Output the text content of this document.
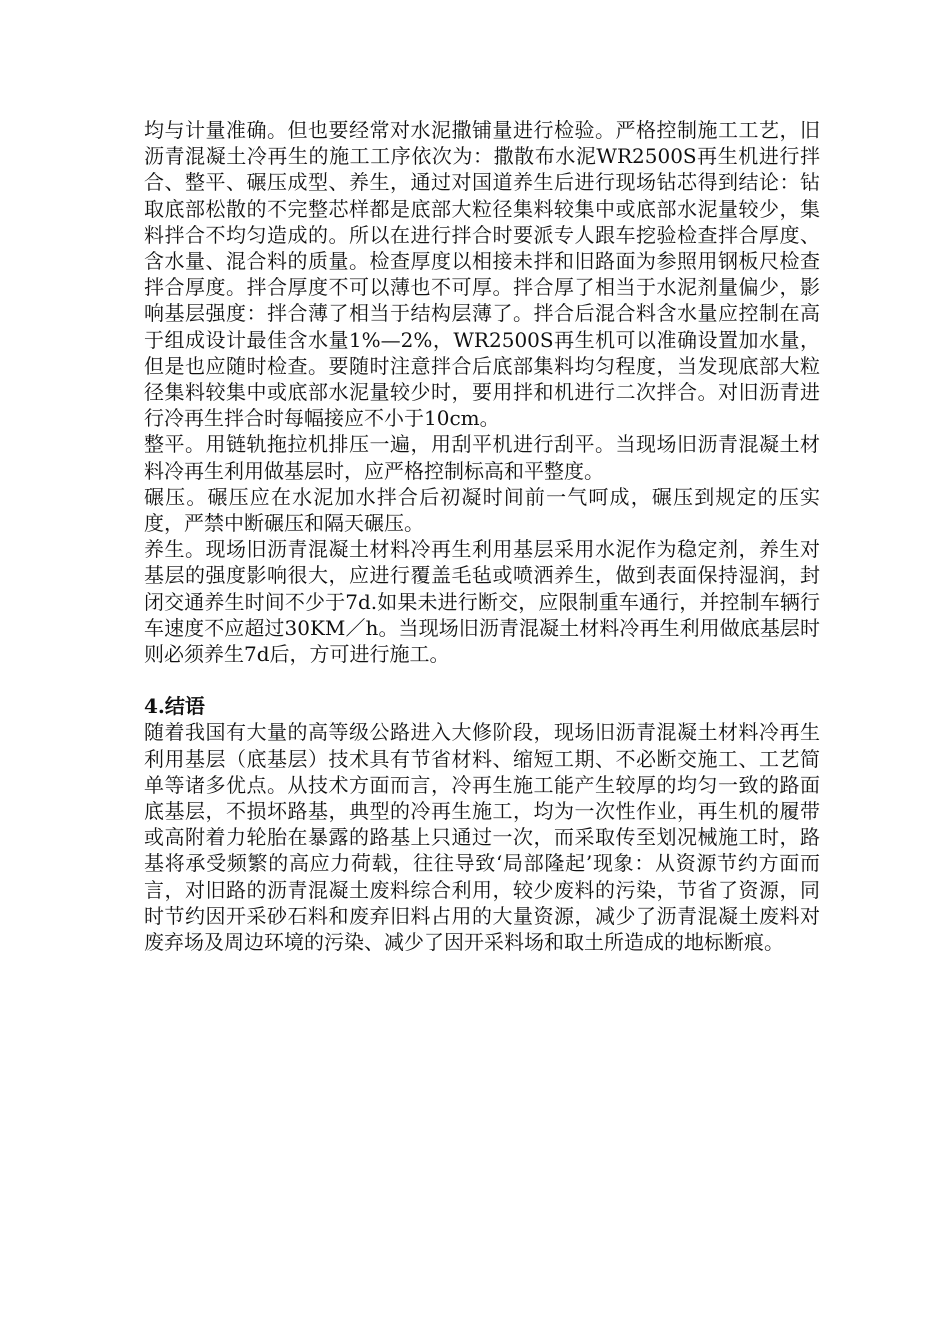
均与计量准确。但也要经常对水泥撒铺量进行检验。严格控制施工工艺，旧沥青混凝土冷再生的施工工序依次为：撒散布水泥WR2500S再生机进行拌合、整平、碾压成型、养生，通过对国道养生后进行现场钻芯得到结论：钻取底部松散的不完整芯样都是底部大粒径集料较集中或底部水泥量较少，集料拌合不均匀造成的。所以在进行拌合时要派专人跟车挖验检查拌合厚度、含水量、混合料的质量。检查厚度以相接未拌和旧路面为参照用钢板尺检查拌合厚度。拌合厚度不可以薄也不可厚。拌合厚了相当于水泥剂量偏少，影响基层强度：拌合薄了相当于结构层薄了。拌合后混合料含水量应控制在高于组成设计最佳含水量1%—2%，WR2500S再生机可以准确设置加水量，但是也应随时检查。要随时注意拌合后底部集料均匀程度，当发现底部大粒径集料较集中或底部水泥量较少时，要用拌和机进行二次拌合。对旧沥青进行冷再生拌合时每幅接应不小于10cm。

整平。用链轨拖拉机排压一遍，用刮平机进行刮平。当现场旧沥青混凝土材料冷再生利用做基层时，应严格控制标高和平整度。

碾压。碾压应在水泥加水拌合后初凝时间前一气呵成，碾压到规定的压实度，严禁中断碾压和隔天碾压。

养生。现场旧沥青混凝土材料冷再生利用基层采用水泥作为稳定剂，养生对基层的强度影响很大，应进行覆盖毛毡或喷洒养生，做到表面保持湿润，封闭交通养生时间不少于7d.如果未进行断交，应限制重车通行，并控制车辆行车速度不应超过30KM／h。当现场旧沥青混凝土材料冷再生利用做底基层时则必须养生7d后，方可进行施工。

4.结语

随着我国有大量的高等级公路进入大修阶段，现场旧沥青混凝土材料冷再生利用基层（底基层）技术具有节省材料、缩短工期、不必断交施工、工艺简单等诸多优点。从技术方面而言，冷再生施工能产生较厚的均匀一致的路面底基层，不损坏路基，典型的冷再生施工，均为一次性作业，再生机的履带或高附着力轮胎在暴露的路基上只通过一次，而采取传至划况械施工时，路基将承受频繁的高应力荷载，往往导致‘局部隆起’现象：从资源节约方面而言，对旧路的沥青混凝土废料综合利用，较少废料的污染，节省了资源，同时节约因开采砂石料和废弃旧料占用的大量资源，减少了沥青混凝土废料对废弃场及周边环境的污染、减少了因开采料场和取土所造成的地标断痕。
